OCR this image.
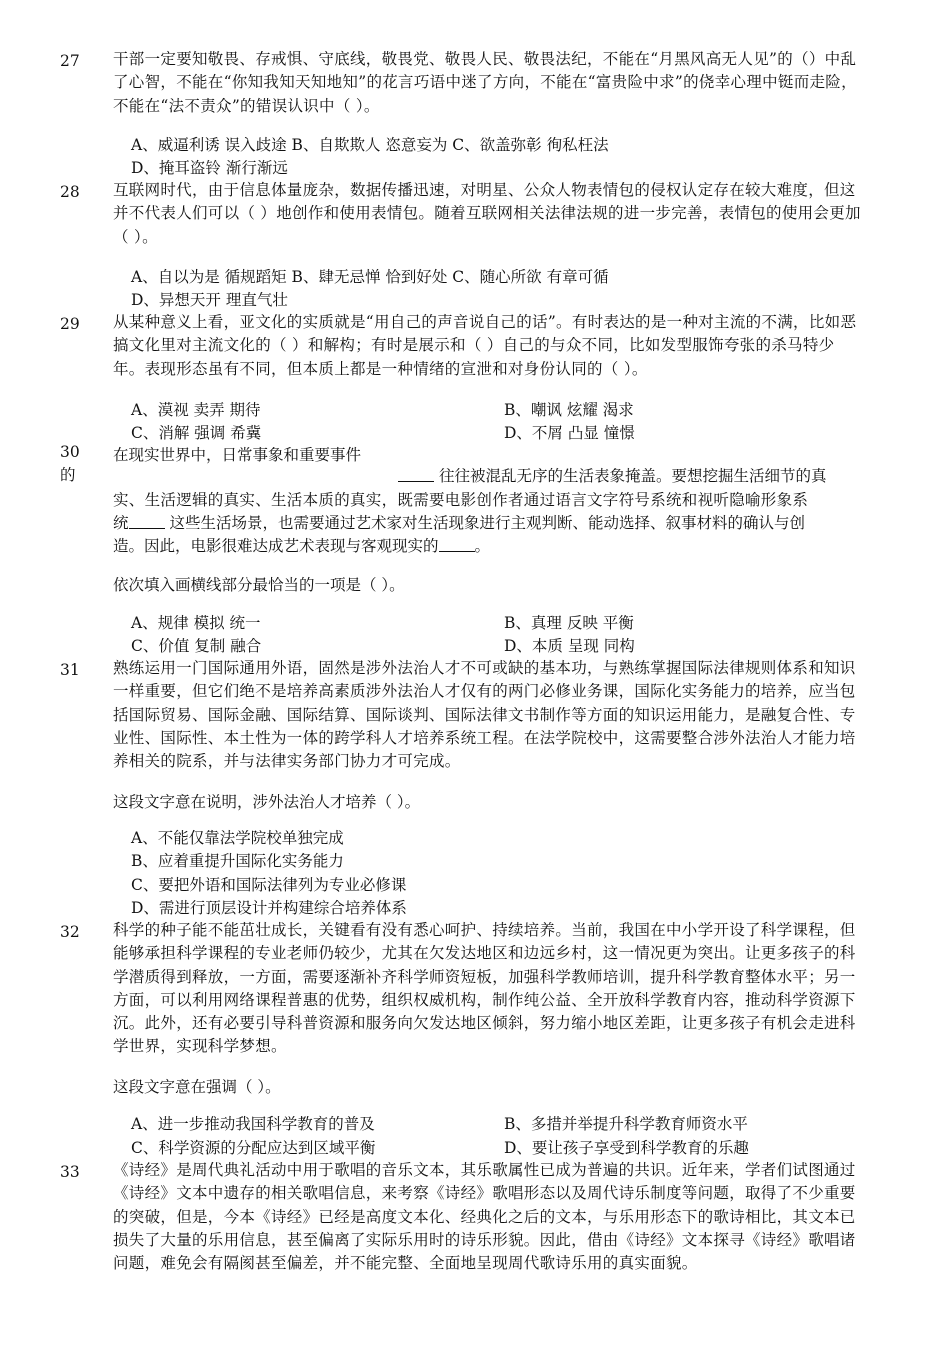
27 干部一定要知敬畏、存戒惧、守底线，敬畏党、敬畏人民、敬畏法纪，不能在“月黑风高无人见”的（）中乱了心智，不能在“你知我知天知地知”的花言巧语中迷了方向，不能在“富贵险中求”的侥幸心理中铤而走险，不能在“法不责众”的错误认识中（ ）。
A、威逼利诱 误入歧途 B、自欺欺人 恣意妄为 C、欲盖弥彰 徇私枉法
D、掩耳盗铃 渐行渐远
28 互联网时代，由于信息体量庞杂，数据传播迅速，对明星、公众人物表情包的侵权认定存在较大难度，但这并不代表人们可以（ ）地创作和使用表情包。随着互联网相关法律法规的进一步完善，表情包的使用会更加（ ）。
A、自以为是 循规蹈矩 B、肆无忌惮 恰到好处 C、随心所欲 有章可循
D、异想天开 理直气壮
29 从某种意义上看，亚文化的实质就是“用自己的声音说自己的话”。有时表达的是一种对主流的不满，比如恶搞文化里对主流文化的（ ）和解构；有时是展示和（ ）自己的与众不同，比如发型服饰夸张的杀马特少年。表现形态虽有不同，但本质上都是一种情绪的宣泄和对身份认同的（ ）。
A、漠视 卖弄 期待	B、嘲讽 炫耀 渴求
C、消解 强调 希冀	D、不屑 凸显 憧憬
30
的
在现实世界中，日常事象和重要事件
往往被混乱无序的生活表象掩盖。要想挖掘生活细节的真
实、生活逻辑的真实、生活本质的真实，既需要电影创作者通过语言文字符号系统和视听隐喻形象系
统	这些生活场景，也需要通过艺术家对生活现象进行主观判断、能动选择、叙事材料的确认与创
造。因此，电影很难达成艺术表现与客观现实的 。
依次填入画横线部分最恰当的一项是（ ）。
A、规律 模拟 统一	B、真理 反映 平衡
C、价值 复制 融合	D、本质 呈现 同构
31 熟练运用一门国际通用外语，固然是涉外法治人才不可或缺的基本功，与熟练掌握国际法律规则体系和知识一样重要，但它们绝不是培养高素质涉外法治人才仅有的两门必修业务课，国际化实务能力的培养，应当包括国际贸易、国际金融、国际结算、国际谈判、国际法律文书制作等方面的知识运用能力，是融复合性、专业性、国际性、本土性为一体的跨学科人才培养系统工程。在法学院校中，这需要整合涉外法治人才能力培养相关的院系，并与法律实务部门协力才可完成。
这段文字意在说明，涉外法治人才培养（ ）。
A、不能仅靠法学院校单独完成
B、应着重提升国际化实务能力
C、要把外语和国际法律列为专业必修课
D、需进行顶层设计并构建综合培养体系
32 科学的种子能不能茁壮成长，关键看有没有悉心呵护、持续培养。当前，我国在中小学开设了科学课程，但能够承担科学课程的专业老师仍较少，尤其在欠发达地区和边远乡村，这一情况更为突出。让更多孩子的科学潜质得到释放，一方面，需要逐渐补齐科学师资短板，加强科学教师培训，提升科学教育整体水平；另一方面，可以利用网络课程普惠的优势，组织权威机构，制作纯公益、全开放科学教育内容，推动科学资源下沉。此外，还有必要引导科普资源和服务向欠发达地区倾斜，努力缩小地区差距，让更多孩子有机会走进科学世界，实现科学梦想。
这段文字意在强调（ ）。
A、进一步推动我国科学教育的普及	B、多措并举提升科学教育师资水平
C、科学资源的分配应达到区域平衡	D、要让孩子享受到科学教育的乐趣
33 《诗经》是周代典礼活动中用于歌唱的音乐文本，其乐歌属性已成为普遍的共识。近年来，学者们试图通过《诗经》文本中遗存的相关歌唱信息，来考察《诗经》歌唱形态以及周代诗乐制度等问题，取得了不少重要的突破，但是，今本《诗经》已经是高度文本化、经典化之后的文本，与乐用形态下的歌诗相比，其文本已损失了大量的乐用信息，甚至偏离了实际乐用时的诗乐形貌。因此，借由《诗经》文本探寻《诗经》歌唱诸问题，难免会有隔阂甚至偏差，并不能完整、全面地呈现周代歌诗乐用的真实面貌。
